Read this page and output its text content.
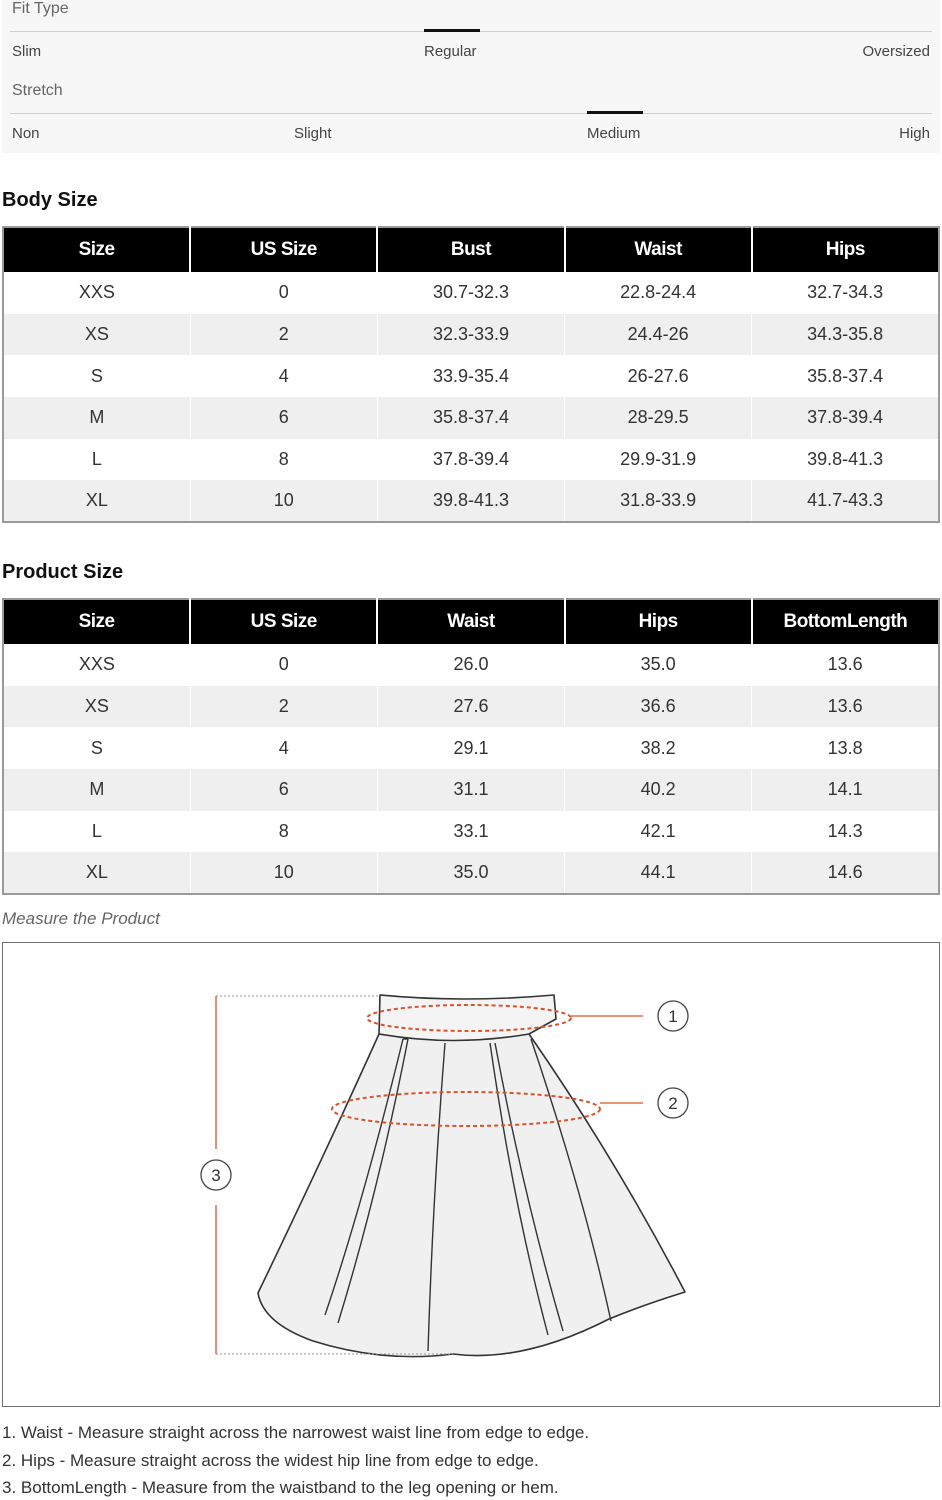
Fit Type
Slim	Regular	Oversized
Stretch
Non	Slight	Medium	High
Body Size
Size	US Size	Bust	Waist	Hips
XXS	0	30.7-32.3	22.8-24.4	32.7-34.3
XS	2	32.3-33.9	24.4-26	34.3-35.8
S	4	33.9-35.4	26-27.6	35.8-37.4
M	6	35.8-37.4	28-29.5	37.8-39.4
L	8	37.8-39.4	29.9-31.9	39.8-41.3
XL	10	39.8-41.3	31.8-33.9	41.7-43.3
Product Size
Size	US Size	Waist	Hips	BottomLength
XXS	0	26.0	35.0	13.6
XS	2	27.6	36.6	13.6
S	4	29.1	38.2	13.8
M	6	31.1	40.2	14.1
L	8	33.1	42.1	14.3
XL	10	35.0	44.1	14.6
Measure the Product
1
2
3
1. Waist - Measure straight across the narrowest waist line from edge to edge.
2. Hips - Measure straight across the widest hip line from edge to edge.
3. BottomLength - Measure from the waistband to the leg opening or hem.
